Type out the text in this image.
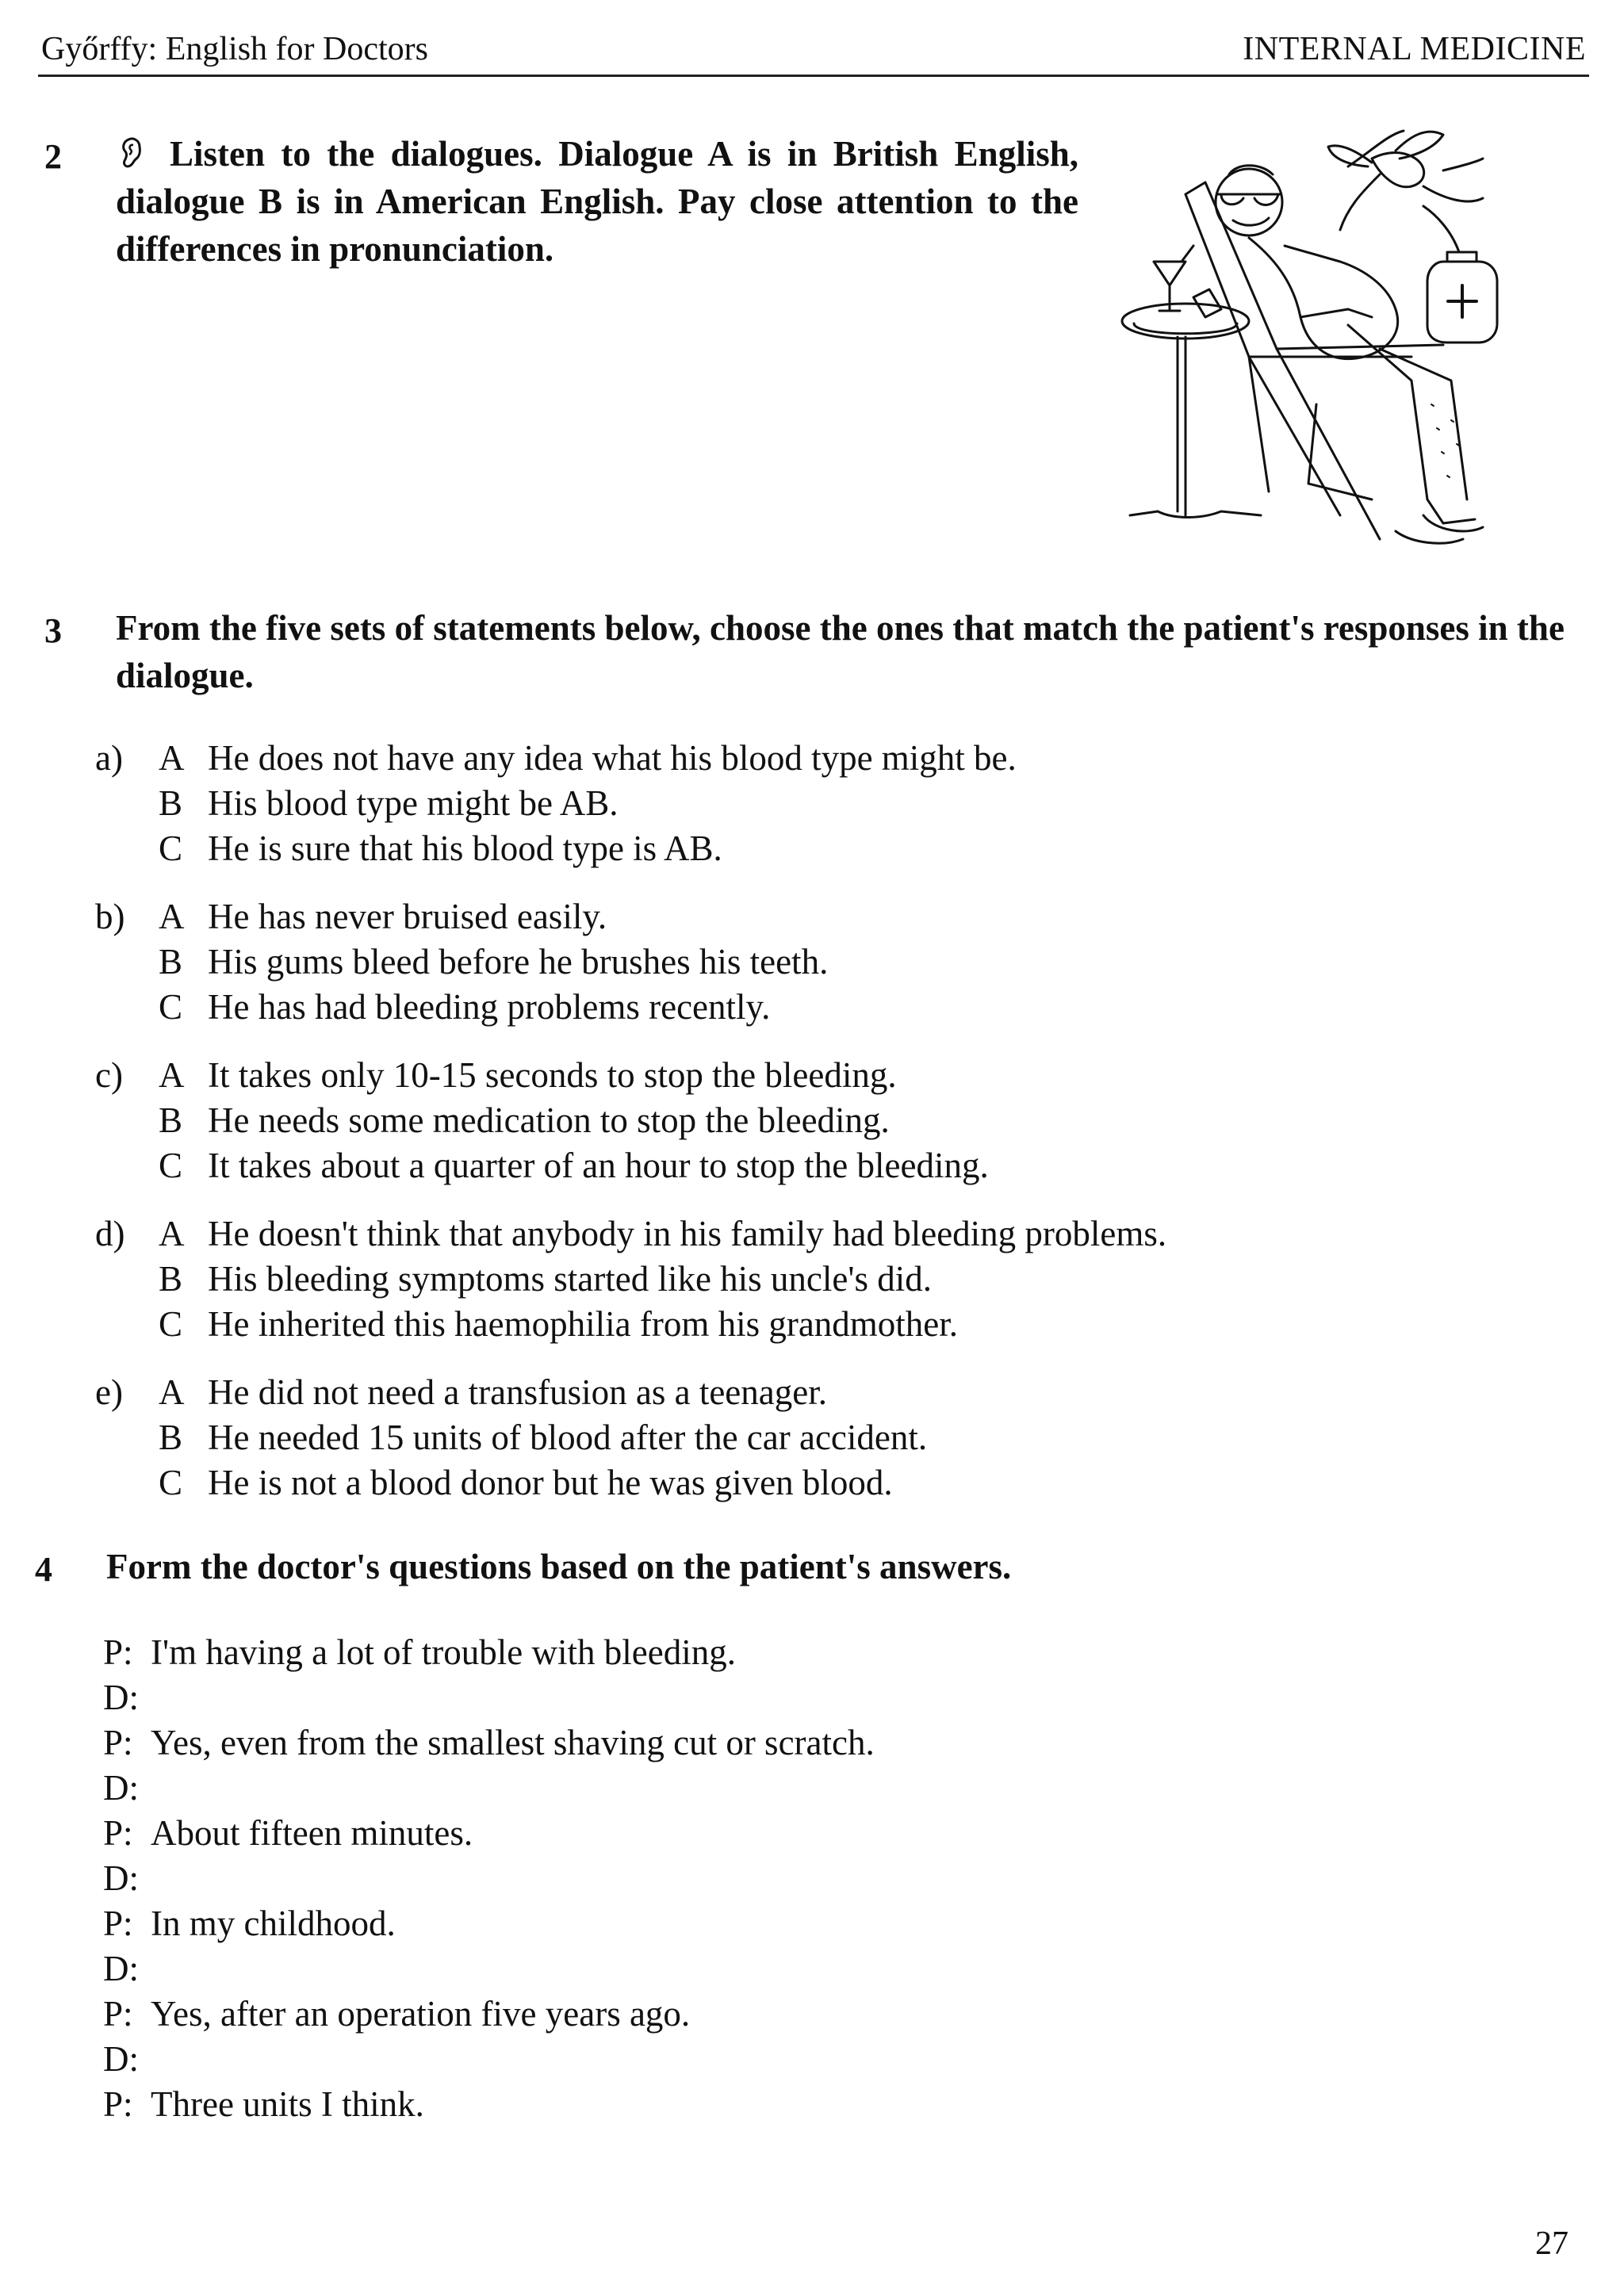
Győrffy: English for Doctors	INTERNAL MEDICINE
2	Listen to the dialogues. Dialogue A is in British English, dialogue B is in American English. Pay close attention to the differences in pronunciation.
3 From the five sets of statements below, choose the ones that match the patient's responses in the dialogue.
a) A He does not have any idea what his blood type might be.
B His blood type might be AB.
C He is sure that his blood type is AB.
b) A He has never bruised easily.
B His gums bleed before he brushes his teeth.
C He has had bleeding problems recently.
c) A It takes only 10-15 seconds to stop the bleeding.
B He needs some medication to stop the bleeding.
C It takes about a quarter of an hour to stop the bleeding.
d) A He doesn't think that anybody in his family had bleeding problems.
B His bleeding symptoms started like his uncle's did.
C He inherited this haemophilia from his grandmother.
e) A He did not need a transfusion as a teenager.
B He needed 15 units of blood after the car accident.
C He is not a blood donor but he was given blood.
4 Form the doctor's questions based on the patient's answers.
P: I'm having a lot of trouble with bleeding.
D:
P: Yes, even from the smallest shaving cut or scratch.
D:
P: About fifteen minutes.
D:
P: In my childhood.
D:
P: Yes, after an operation five years ago.
D:
P: Three units I think.
27
